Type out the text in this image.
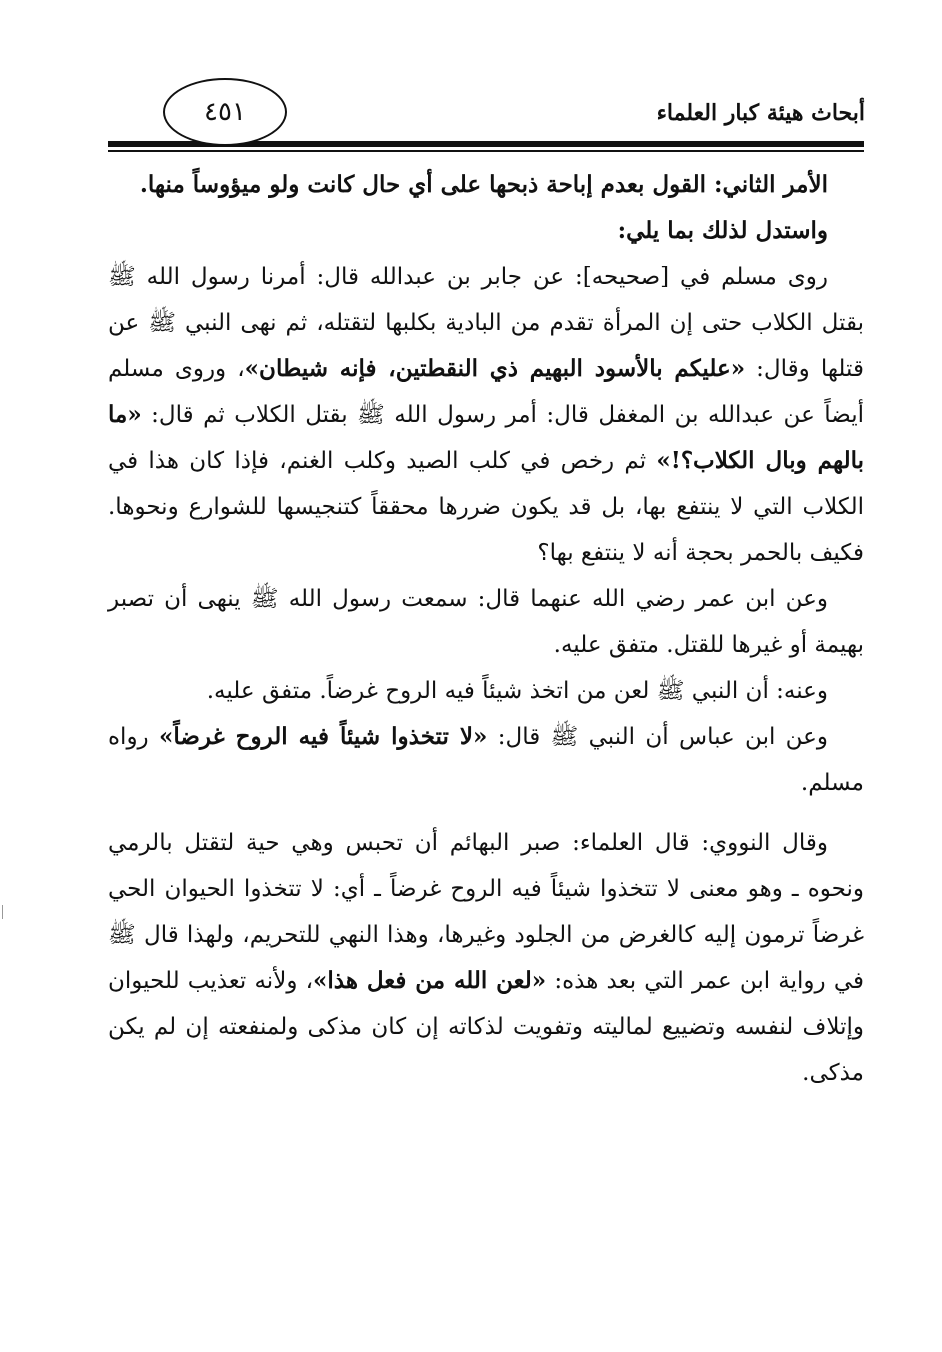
أبحاث هيئة كبار العلماء
٤٥١

الأمر الثاني: القول بعدم إباحة ذبحها على أي حال كانت ولو ميؤوساً منها.

واستدل لذلك بما يلي:

روى مسلم في [صحيحه]: عن جابر بن عبدالله قال: أمرنا رسول الله ﷺ بقتل الكلاب حتى إن المرأة تقدم من البادية بكلبها لتقتله، ثم نهى النبي ﷺ عن قتلها وقال: «عليكم بالأسود البهيم ذي النقطتين، فإنه شيطان»، وروى مسلم أيضاً عن عبدالله بن المغفل قال: أمر رسول الله ﷺ بقتل الكلاب ثم قال: «ما بالهم وبال الكلاب؟!» ثم رخص في كلب الصيد وكلب الغنم، فإذا كان هذا في الكلاب التي لا ينتفع بها، بل قد يكون ضررها محققاً كتنجيسها للشوارع ونحوها. فكيف بالحمر بحجة أنه لا ينتفع بها؟

وعن ابن عمر رضي الله عنهما قال: سمعت رسول الله ﷺ ينهى أن تصبر بهيمة أو غيرها للقتل. متفق عليه.

وعنه: أن النبي ﷺ لعن من اتخذ شيئاً فيه الروح غرضاً. متفق عليه.

وعن ابن عباس أن النبي ﷺ قال: «لا تتخذوا شيئاً فيه الروح غرضاً» رواه مسلم.

وقال النووي: قال العلماء: صبر البهائم أن تحبس وهي حية لتقتل بالرمي ونحوه ـ وهو معنى لا تتخذوا شيئاً فيه الروح غرضاً ـ أي: لا تتخذوا الحيوان الحي غرضاً ترمون إليه كالغرض من الجلود وغيرها، وهذا النهي للتحريم، ولهذا قال ﷺ في رواية ابن عمر التي بعد هذه: «لعن الله من فعل هذا»، ولأنه تعذيب للحيوان وإتلاف لنفسه وتضييع لماليته وتفويت لذكاته إن كان مذكى ولمنفعته إن لم يكن مذكى.
